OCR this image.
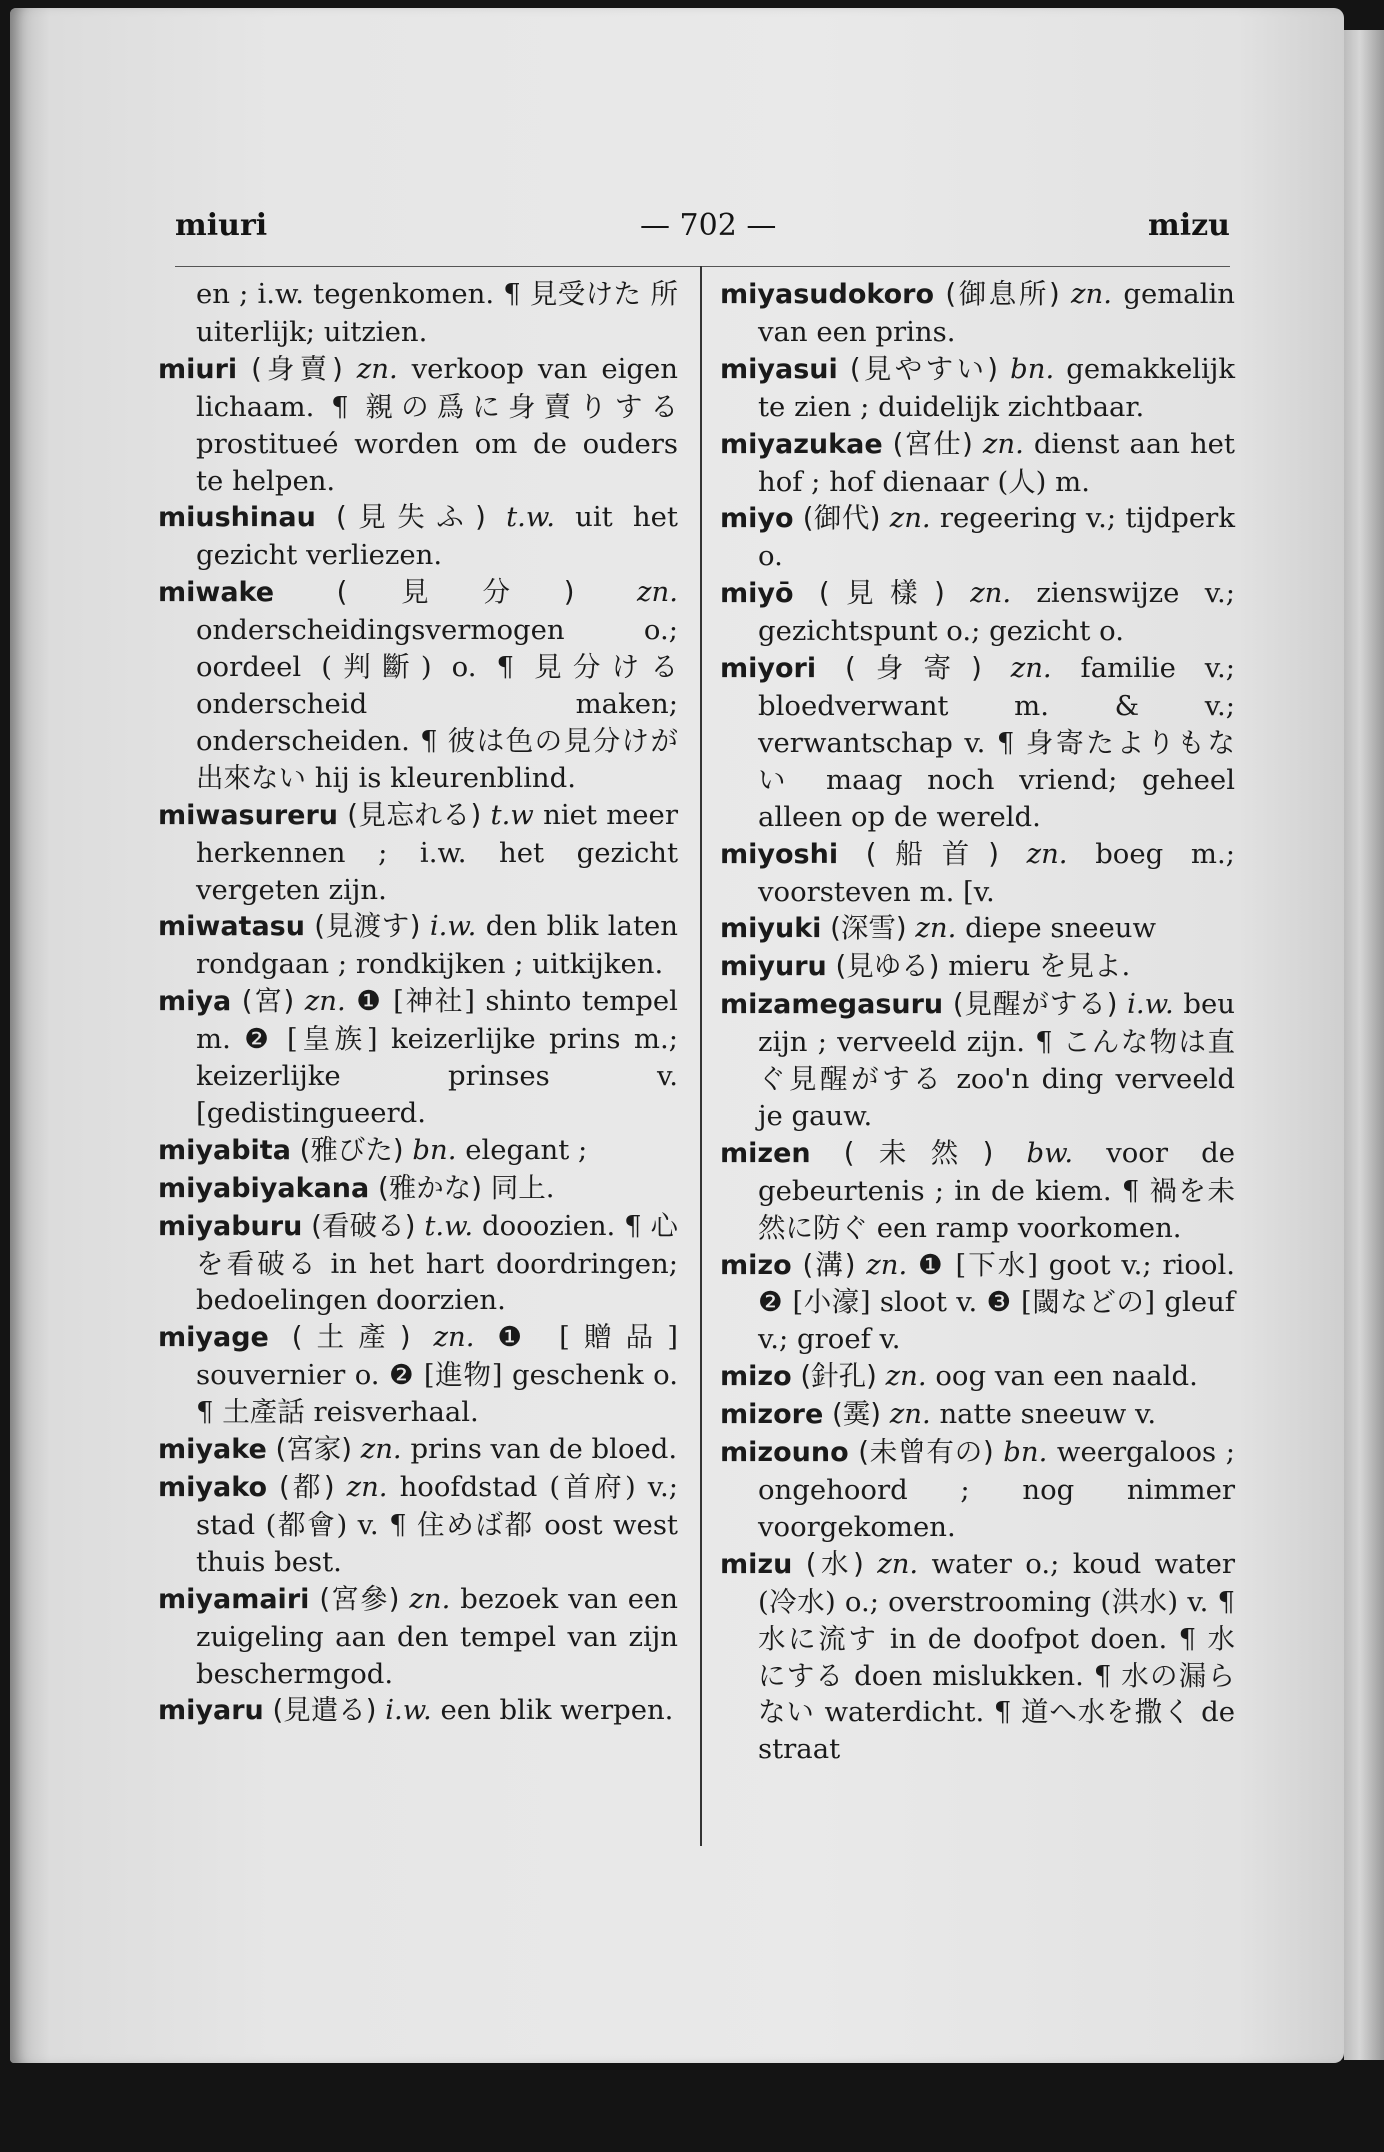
miuri	— 702 —	mizu

en ; i.w. tegenkomen. ¶ 見受けた 所 uiterlijk; uitzien.

miuri (身賣) zn. verkoop van eigen lichaam. ¶ 親の爲に身賣りする prostitueé worden om de ouders te helpen.

miushinau (見失ふ) t.w. uit het gezicht verliezen.

miwake (見分) zn. onderscheidingsvermogen o.; oordeel (判斷) o. ¶ 見分ける onderscheid maken; onderscheiden. ¶ 彼は色の見分けが出來ない hij is kleurenblind.

miwasureru (見忘れる) t.w niet meer herkennen ; i.w. het gezicht vergeten zijn.

miwatasu (見渡す) i.w. den blik laten rondgaan ; rondkijken ; uitkijken.

miya (宮) zn. ❶ [神社] shinto tempel m. ❷ [皇族] keizerlijke prins m.; keizerlijke prinses v. [gedistingueerd.

miyabita (雅びた) bn. elegant ;

miyabiyakana (雅かな) 同上.

miyaburu (看破る) t.w. dooozien. ¶ 心を看破る in het hart doordringen; bedoelingen doorzien.

miyage (土產) zn. ❶ [贈品] souvernier o. ❷ [進物] geschenk o. ¶ 土產話 reisverhaal.

miyake (宮家) zn. prins van de bloed.

miyako (都) zn. hoofdstad (首府) v.; stad (都會) v. ¶ 住めば都 oost west thuis best.

miyamairi (宮參) zn. bezoek van een zuigeling aan den tempel van zijn beschermgod.

miyaru (見遣る) i.w. een blik werpen.

miyasudokoro (御息所) zn. gemalin van een prins.

miyasui (見やすい) bn. gemakkelijk te zien ; duidelijk zichtbaar.

miyazukae (宮仕) zn. dienst aan het hof ; hof dienaar (人) m.

miyo (御代) zn. regeering v.; tijdperk o.

miyō (見樣) zn. zienswijze v.; gezichtspunt o.; gezicht o.

miyori (身寄) zn. familie v.; bloedverwant m. & v.; verwantschap v. ¶ 身寄たよりもない maag noch vriend; geheel alleen op de wereld.

miyoshi (船首) zn. boeg m.; voorsteven m. [v.

miyuki (深雪) zn. diepe sneeuw

miyuru (見ゆる) mieru を見よ.

mizamegasuru (見醒がする) i.w. beu zijn ; verveeld zijn. ¶ こんな物は直ぐ見醒がする zoo'n ding verveeld je gauw.

mizen (未然) bw. voor de gebeurtenis ; in de kiem. ¶ 禍を未然に防ぐ een ramp voorkomen.

mizo (溝) zn. ❶ [下水] goot v.; riool. ❷ [小濠] sloot v. ❸ [閾などの] gleuf v.; groef v.

mizo (針孔) zn. oog van een naald.

mizore (霙) zn. natte sneeuw v.

mizouno (未曾有の) bn. weergaloos ; ongehoord ; nog nimmer voorgekomen.

mizu (水) zn. water o.; koud water (冷水) o.; overstrooming (洪水) v. ¶ 水に流す in de doofpot doen. ¶ 水にする doen mislukken. ¶ 水の漏らない waterdicht. ¶ 道へ水を撒く de straat
